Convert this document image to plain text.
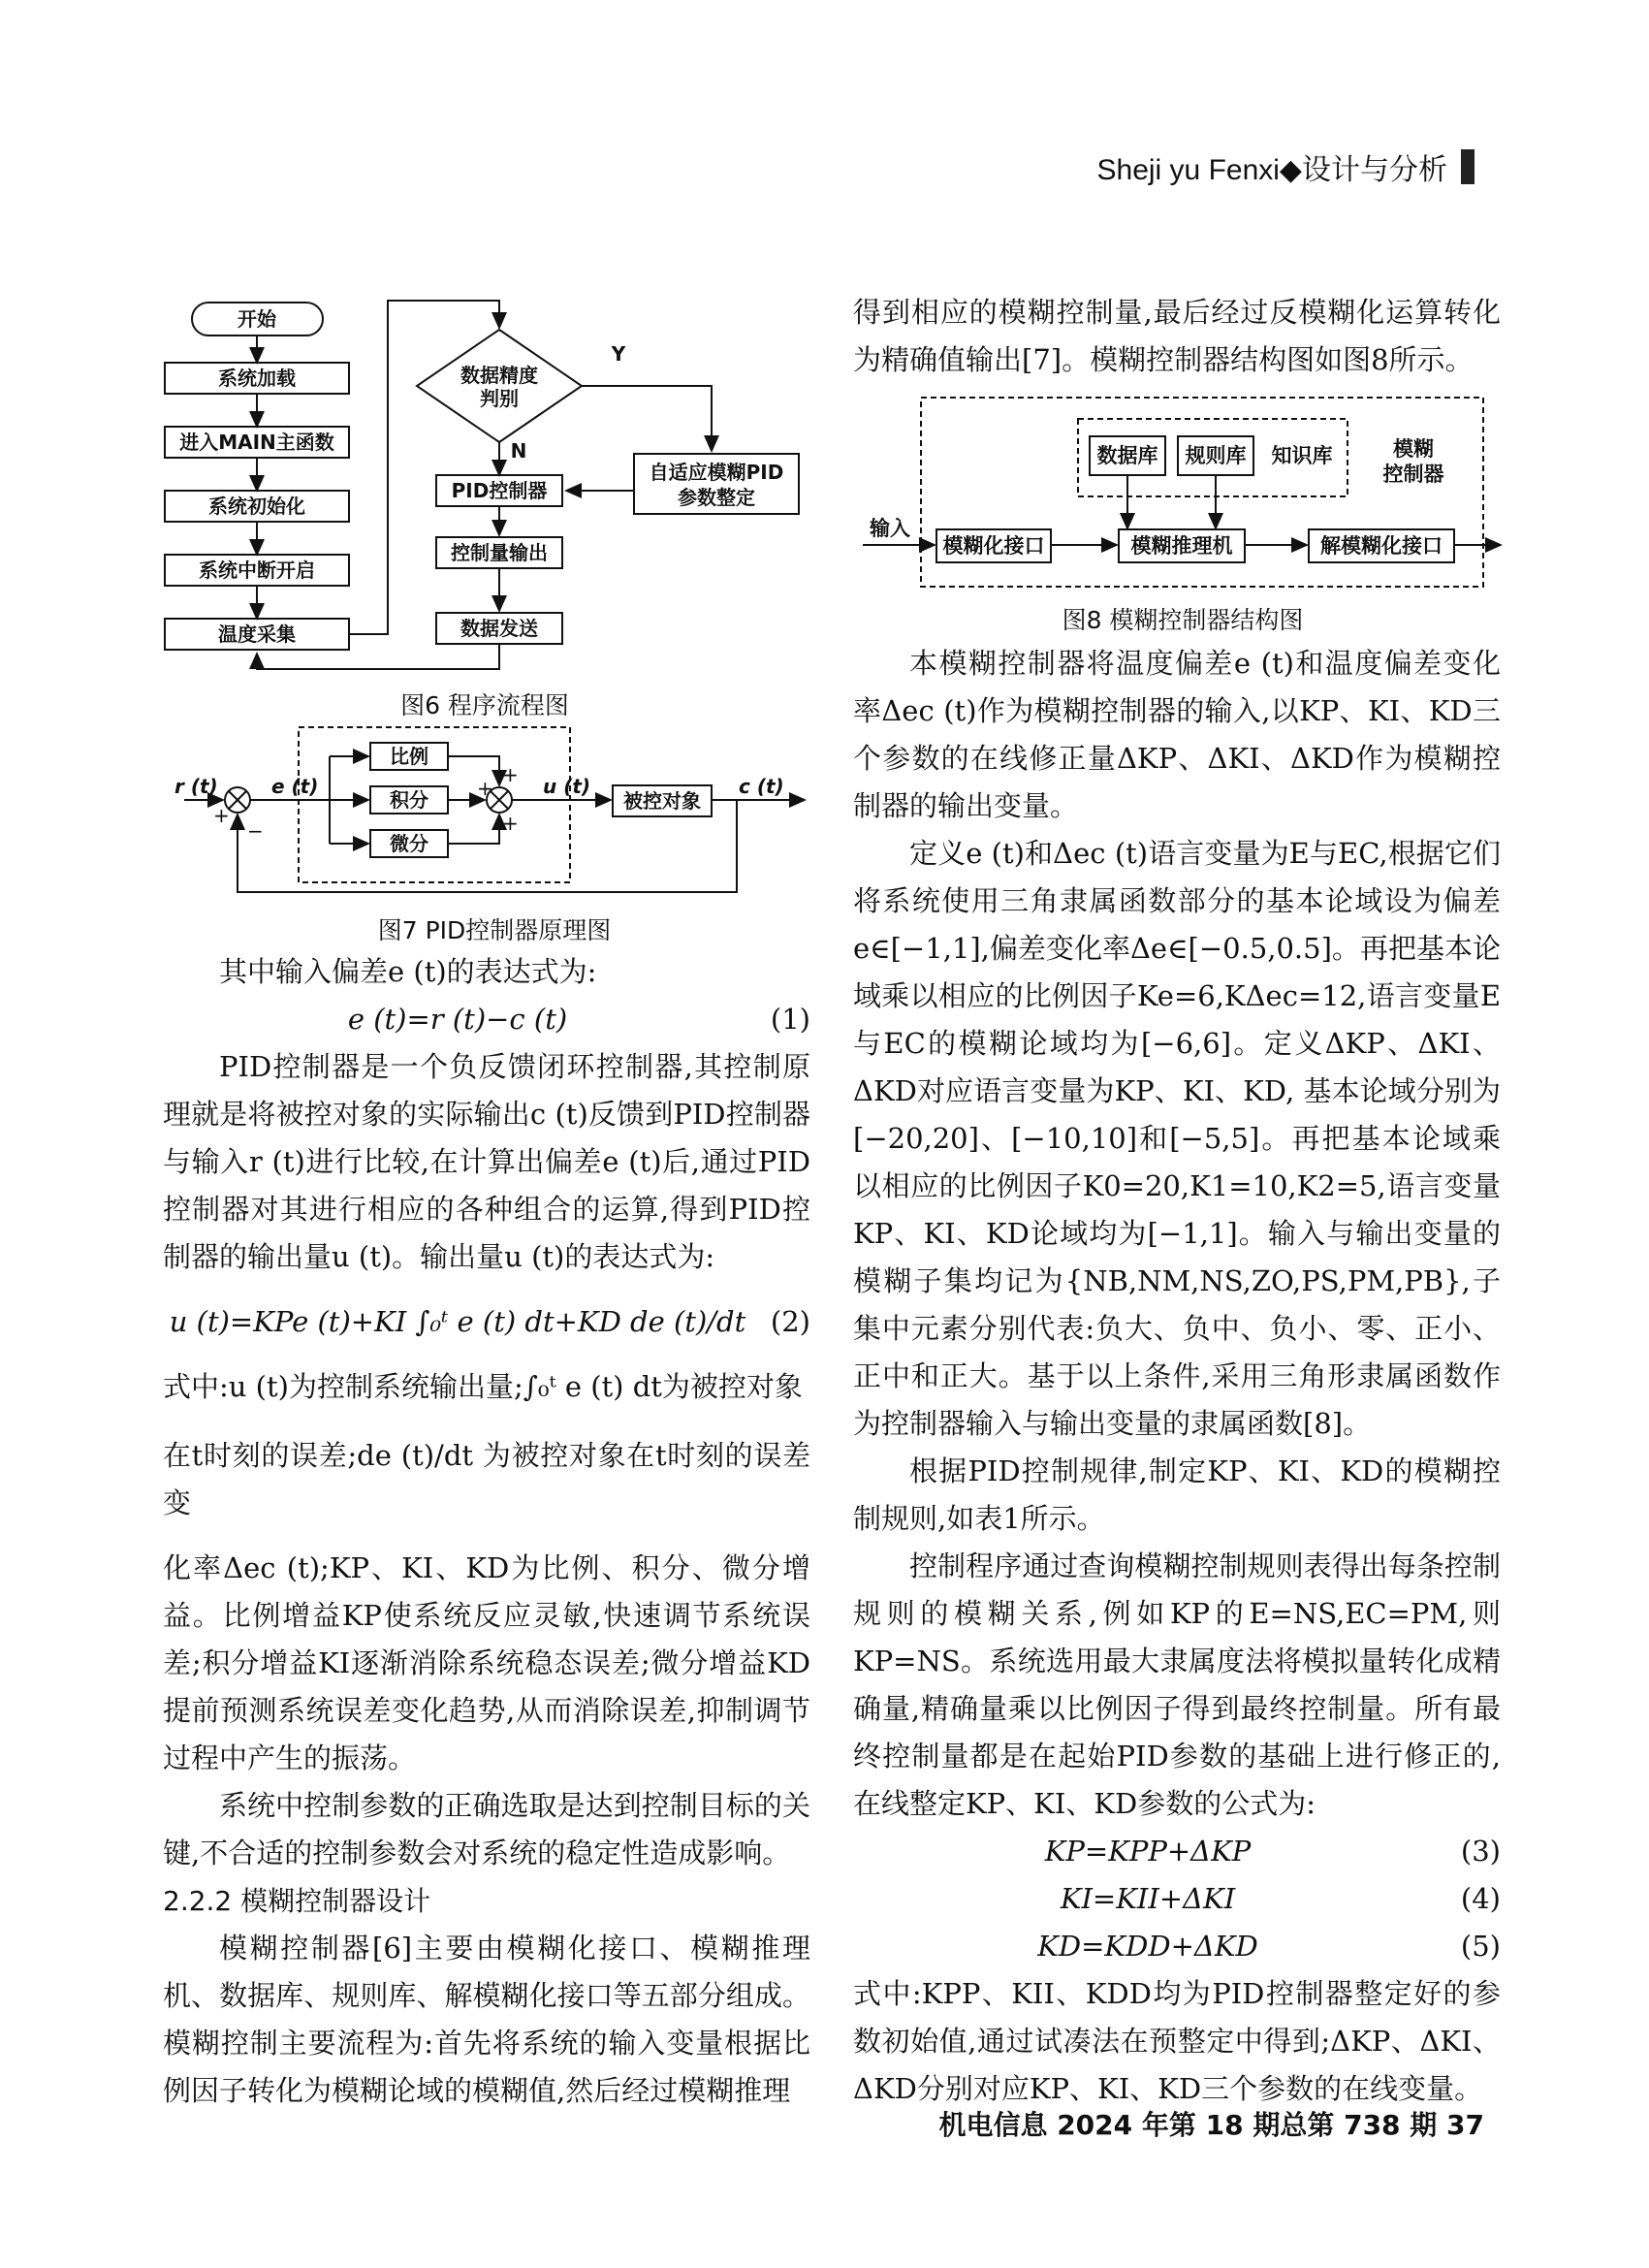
Sheji yu Fenxi◆设计与分析
开始
系统加载
进入MAIN主函数
系统初始化
系统中断开启
温度采集
数据精度
判别
Y
N
PID控制器
自适应模糊PID
参数整定
控制量输出
数据发送
图6 程序流程图
r (t)	e (t)	u (t)	c (t)
比例
积分
微分
被控对象
+
−
+
+
+
图7 PID控制器原理图

其中输入偏差e (t)的表达式为:

e (t)=r (t)−c (t)	(1)

PID控制器是一个负反馈闭环控制器,其控制原理就是将被控对象的实际输出c (t)反馈到PID控制器与输入r (t)进行比较,在计算出偏差e (t)后,通过PID控制器对其进行相应的各种组合的运算,得到PID控制器的输出量u (t)。输出量u (t)的表达式为:

u (t)=KPe (t)+KI ∫₀ᵗ e (t) dt+KD de (t)/dt (2)

式中:u (t)为控制系统输出量;∫₀ᵗ e (t) dt为被控对象

在t时刻的误差;de (t)/dt 为被控对象在t时刻的误差变

化率Δec (t);KP、KI、KD为比例、积分、微分增益。比例增益KP使系统反应灵敏,快速调节系统误差;积分增益KI逐渐消除系统稳态误差;微分增益KD提前预测系统误差变化趋势,从而消除误差,抑制调节过程中产生的振荡。

系统中控制参数的正确选取是达到控制目标的关键,不合适的控制参数会对系统的稳定性造成影响。

2.2.2 模糊控制器设计

模糊控制器[6]主要由模糊化接口、模糊推理机、数据库、规则库、解模糊化接口等五部分组成。模糊控制主要流程为:首先将系统的输入变量根据比例因子转化为模糊论域的模糊值,然后经过模糊推理

得到相应的模糊控制量,最后经过反模糊化运算转化为精确值输出[7]。模糊控制器结构图如图8所示。

输入
数据库 规则库 知识库	模糊
控制器
模糊化接口	模糊推理机	解模糊化接口
图8 模糊控制器结构图

本模糊控制器将温度偏差e (t)和温度偏差变化率Δec (t)作为模糊控制器的输入,以KP、KI、KD三个参数的在线修正量ΔKP、ΔKI、ΔKD作为模糊控制器的输出变量。

定义e (t)和Δec (t)语言变量为E与EC,根据它们将系统使用三角隶属函数部分的基本论域设为偏差e∈[−1,1],偏差变化率Δe∈[−0.5,0.5]。再把基本论域乘以相应的比例因子Ke=6,KΔec=12,语言变量E与EC的模糊论域均为[−6,6]。定义ΔKP、ΔKI、ΔKD对应语言变量为KP、KI、KD, 基本论域分别为[−20,20]、[−10,10]和[−5,5]。再把基本论域乘以相应的比例因子K0=20,K1=10,K2=5,语言变量KP、KI、KD论域均为[−1,1]。输入与输出变量的模糊子集均记为{NB,NM,NS,ZO,PS,PM,PB},子集中元素分别代表:负大、负中、负小、零、正小、正中和正大。基于以上条件,采用三角形隶属函数作为控制器输入与输出变量的隶属函数[8]。

根据PID控制规律,制定KP、KI、KD的模糊控制规则,如表1所示。

控制程序通过查询模糊控制规则表得出每条控制规则的模糊关系,例如KP的E=NS,EC=PM,则KP=NS。系统选用最大隶属度法将模拟量转化成精确量,精确量乘以比例因子得到最终控制量。所有最终控制量都是在起始PID参数的基础上进行修正的,在线整定KP、KI、KD参数的公式为:

KP=KPP+ΔKP	(3)
KI=KII+ΔKI	(4)
KD=KDD+ΔKD	(5)

式中:KPP、KII、KDD均为PID控制器整定好的参数初始值,通过试凑法在预整定中得到;ΔKP、ΔKI、ΔKD分别对应KP、KI、KD三个参数的在线变量。

机电信息 2024 年第 18 期总第 738 期 37
